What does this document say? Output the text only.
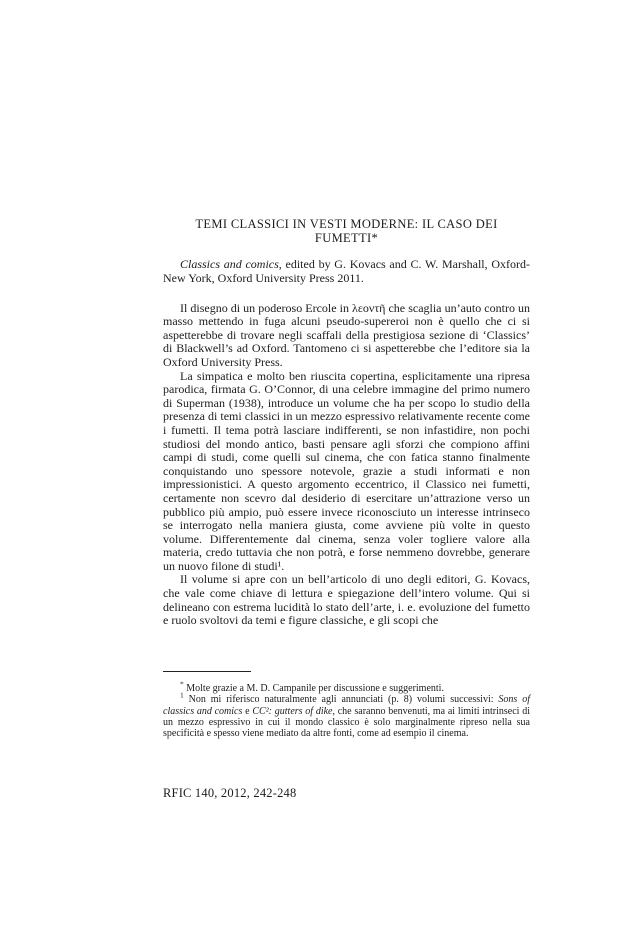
TEMI CLASSICI IN VESTI MODERNE: IL CASO DEI
FUMETTI*

Classics and comics, edited by G. Kovacs and C. W. Marshall, Oxford-New York, Oxford University Press 2011.

Il disegno di un poderoso Ercole in λεοντῆ che scaglia un’auto contro un masso mettendo in fuga alcuni pseudo-supereroi non è quello che ci si aspetterebbe di trovare negli scaffali della prestigiosa sezione di ‘Classics’ di Blackwell’s ad Oxford. Tantomeno ci si aspetterebbe che l’editore sia la Oxford University Press.

La simpatica e molto ben riuscita copertina, esplicitamente una ripresa parodica, firmata G. O’Connor, di una celebre immagine del primo numero di Superman (1938), introduce un volume che ha per scopo lo studio della presenza di temi classici in un mezzo espressivo relativamente recente come i fumetti. Il tema potrà lasciare indifferenti, se non infastidire, non pochi studiosi del mondo antico, basti pensare agli sforzi che compiono affini campi di studi, come quelli sul cinema, che con fatica stanno finalmente conquistando uno spessore notevole, grazie a studi informati e non impressionistici. A questo argomento eccentrico, il Classico nei fumetti, certamente non scevro dal desiderio di esercitare un’attrazione verso un pubblico più ampio, può essere invece riconosciuto un interesse intrinseco se interrogato nella maniera giusta, come avviene più volte in questo volume. Differentemente dal cinema, senza voler togliere valore alla materia, credo tuttavia che non potrà, e forse nemmeno dovrebbe, generare un nuovo filone di studi¹.

Il volume si apre con un bell’articolo di uno degli editori, G. Kovacs, che vale come chiave di lettura e spiegazione dell’intero volume. Qui si delineano con estrema lucidità lo stato dell’arte, i. e. evoluzione del fumetto e ruolo svoltovi da temi e figure classiche, e gli scopi che

* Molte grazie a M. D. Campanile per discussione e suggerimenti.

$^1$ Non mi riferisco naturalmente agli annunciati (p. 8) volumi successivi: Sons of classics and comics e CC²: gutters of dike, che saranno benvenuti, ma ai limiti intrinseci di un mezzo espressivo in cui il mondo classico è solo marginalmente ripreso nella sua specificità e spesso viene mediato da altre fonti, come ad esempio il cinema.

RFIC 140, 2012, 242-248
